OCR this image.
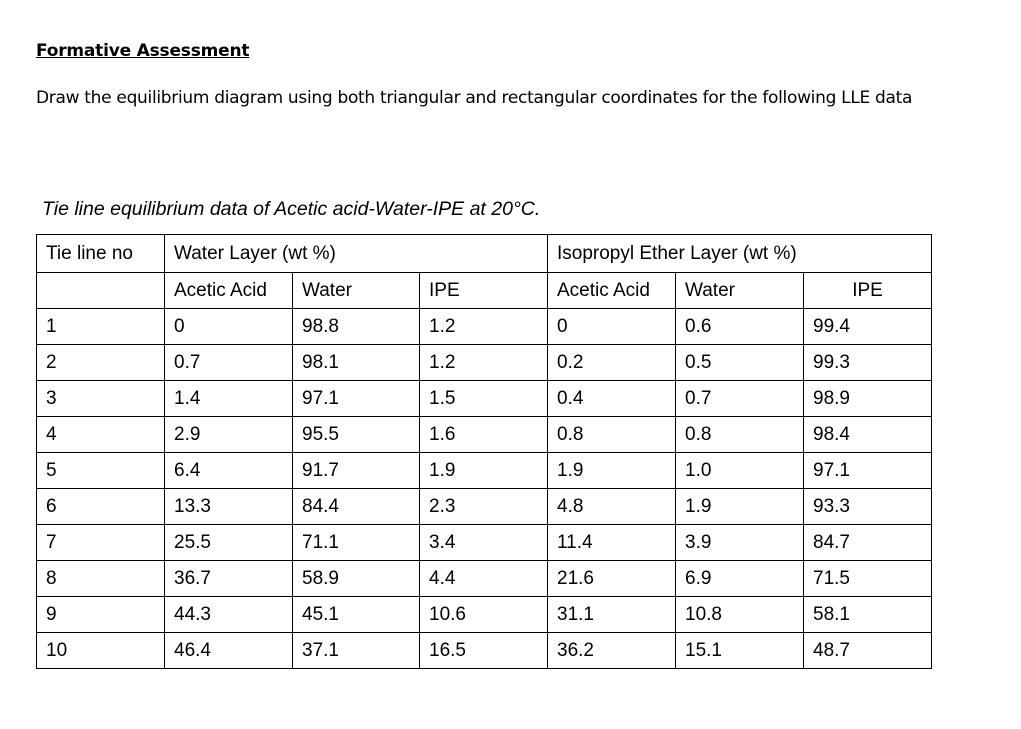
Formative Assessment
Draw the equilibrium diagram using both triangular and rectangular coordinates for the following LLE data
Tie line equilibrium data of Acetic acid-Water-IPE at 20°C.
Tie line no	Water Layer (wt %)			Isopropyl Ether Layer (wt %)		
	Acetic Acid	Water	IPE	Acetic Acid	Water	IPE
1	0	98.8	1.2	0	0.6	99.4
2	0.7	98.1	1.2	0.2	0.5	99.3
3	1.4	97.1	1.5	0.4	0.7	98.9
4	2.9	95.5	1.6	0.8	0.8	98.4
5	6.4	91.7	1.9	1.9	1.0	97.1
6	13.3	84.4	2.3	4.8	1.9	93.3
7	25.5	71.1	3.4	11.4	3.9	84.7
8	36.7	58.9	4.4	21.6	6.9	71.5
9	44.3	45.1	10.6	31.1	10.8	58.1
10	46.4	37.1	16.5	36.2	15.1	48.7
